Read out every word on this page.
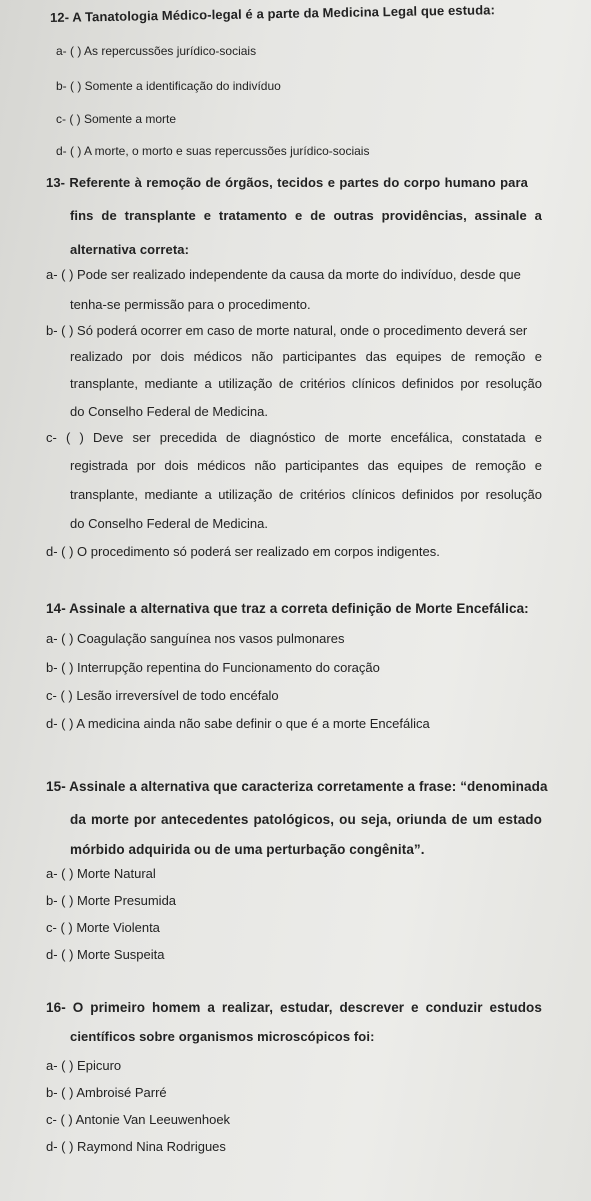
12- A Tanatologia Médico-legal é a parte da Medicina Legal que estuda:
a- ( ) As repercussões jurídico-sociais
b- ( ) Somente a identificação do indivíduo
c- ( ) Somente a morte
d- ( ) A morte, o morto e suas repercussões jurídico-sociais
13- Referente à remoção de órgãos, tecidos e partes do corpo humano para
fins de transplante e tratamento e de outras providências, assinale a
alternativa correta:
a- ( ) Pode ser realizado independente da causa da morte do indivíduo, desde que
tenha-se permissão para o procedimento.
b- ( ) Só poderá ocorrer em caso de morte natural, onde o procedimento deverá ser
realizado por dois médicos não participantes das equipes de remoção e
transplante, mediante a utilização de critérios clínicos definidos por resolução
do Conselho Federal de Medicina.
c- ( ) Deve ser precedida de diagnóstico de morte encefálica, constatada e
registrada por dois médicos não participantes das equipes de remoção e
transplante, mediante a utilização de critérios clínicos definidos por resolução
do Conselho Federal de Medicina.
d- ( ) O procedimento só poderá ser realizado em corpos indigentes.
14- Assinale a alternativa que traz a correta definição de Morte Encefálica:
a- ( ) Coagulação sanguínea nos vasos pulmonares
b- ( ) Interrupção repentina do Funcionamento do coração
c- ( ) Lesão irreversível de todo encéfalo
d- ( ) A medicina ainda não sabe definir o que é a morte Encefálica
15- Assinale a alternativa que caracteriza corretamente a frase: “denominada
da morte por antecedentes patológicos, ou seja, oriunda de um estado
mórbido adquirida ou de uma perturbação congênita”.
a- ( ) Morte Natural
b- ( ) Morte Presumida
c- ( ) Morte Violenta
d- ( ) Morte Suspeita
16- O primeiro homem a realizar, estudar, descrever e conduzir estudos
científicos sobre organismos microscópicos foi:
a- ( ) Epicuro
b- ( ) Ambroisé Parré
c- ( ) Antonie Van Leeuwenhoek
d- ( ) Raymond Nina Rodrigues
